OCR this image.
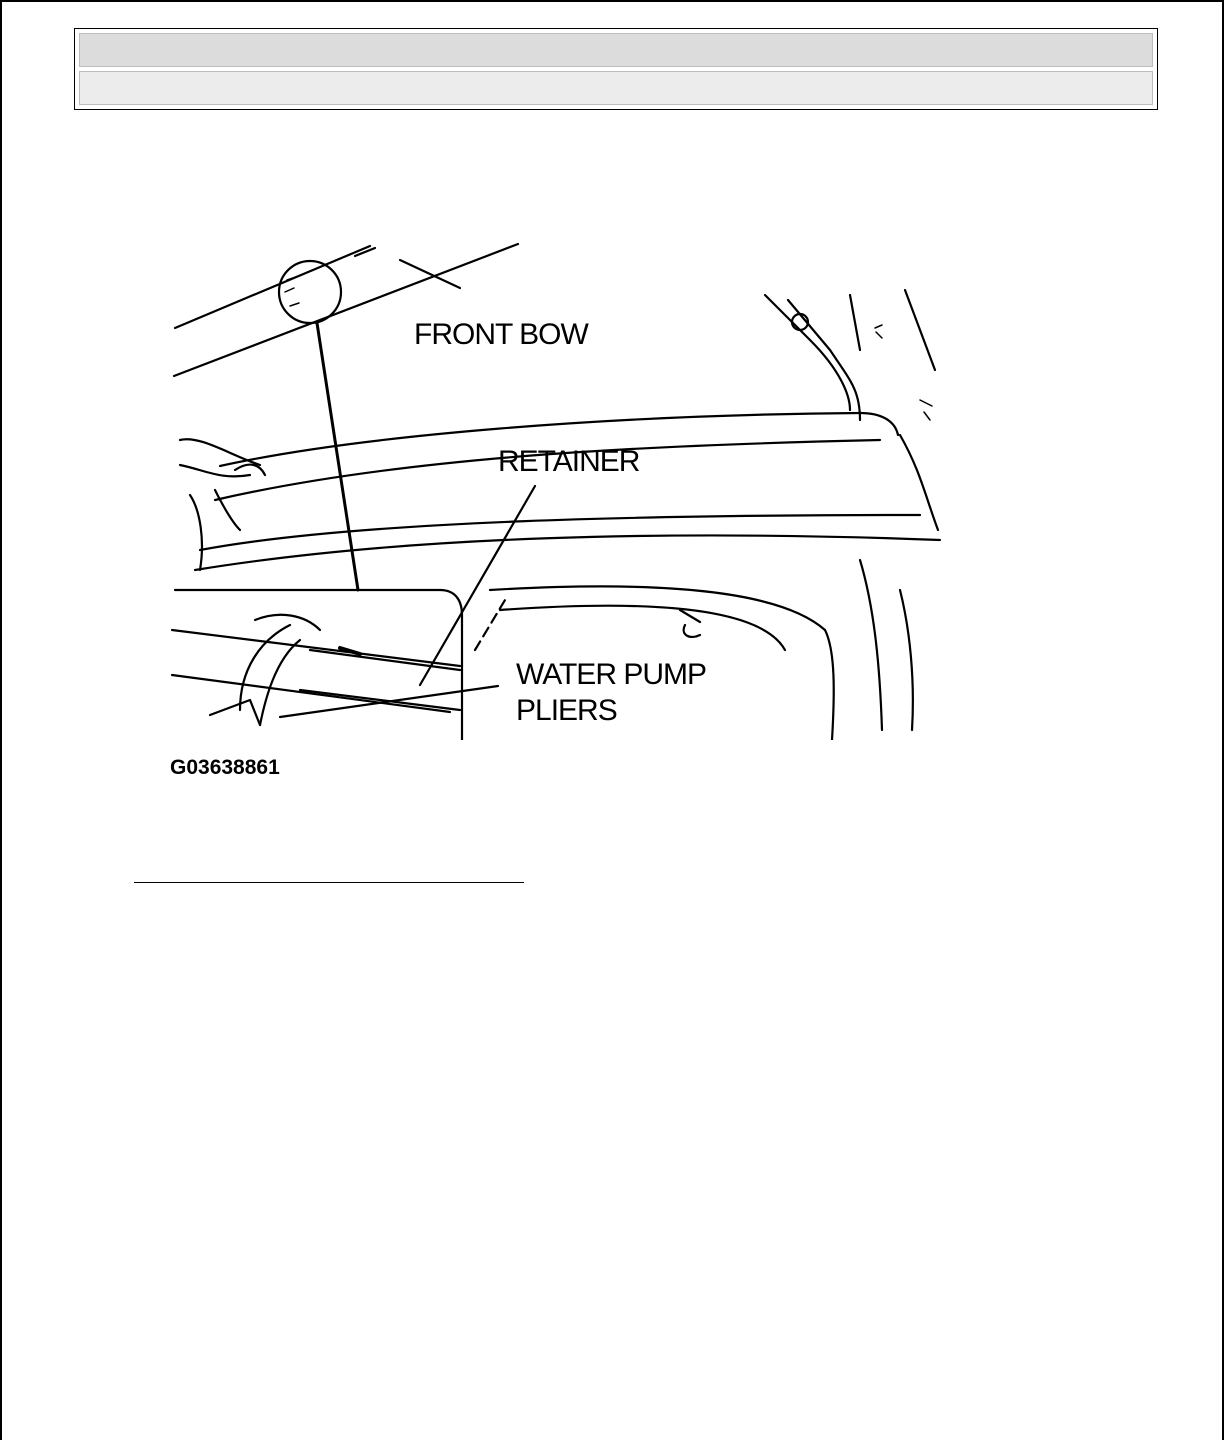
FRONT BOW
RETAINER
WATER PUMP
PLIERS
G03638861
